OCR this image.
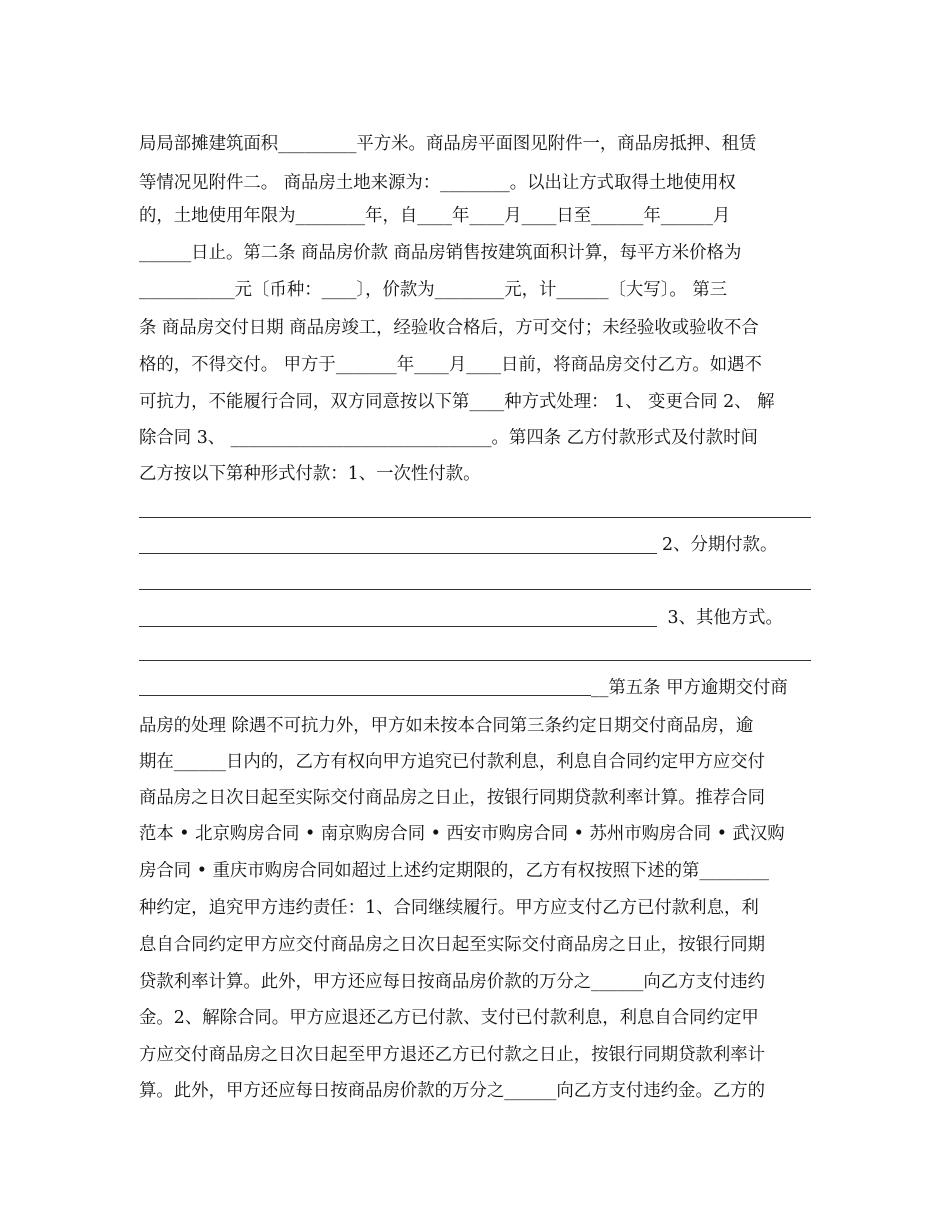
局局部摊建筑面积_________平方米。商品房平面图见附件一，商品房抵押、租赁
等情况见附件二。 商品房土地来源为：________。以出让方式取得土地使用权
的，土地使用年限为________年，自____年____月____日至______年______月
______日止。第二条 商品房价款 商品房销售按建筑面积计算，每平方米价格为
___________元〔币种：____〕，价款为________元，计______〔大写〕。 第三
条 商品房交付日期 商品房竣工，经验收合格后，方可交付；未经验收或验收不合
格的，不得交付。 甲方于_______年____月____日前，将商品房交付乙方。如遇不
可抗力，不能履行合同，双方同意按以下第____种方式处理： 1、 变更合同 2、 解
除合同 3、 ______________________________。第四条 乙方付款形式及付款时间
乙方按以下第种形式付款：1、一次性付款。
2、分期付款。
3、其他方式。
__第五条 甲方逾期交付商
品房的处理 除遇不可抗力外，甲方如未按本合同第三条约定日期交付商品房，逾
期在______日内的，乙方有权向甲方追究已付款利息，利息自合同约定甲方应交付
商品房之日次日起至实际交付商品房之日止，按银行同期贷款利率计算。推荐合同
范本 • 北京购房合同 • 南京购房合同 • 西安市购房合同 • 苏州市购房合同 • 武汉购
房合同 • 重庆市购房合同如超过上述约定期限的，乙方有权按照下述的第________
种约定，追究甲方违约责任：1、合同继续履行。甲方应支付乙方已付款利息，利
息自合同约定甲方应交付商品房之日次日起至实际交付商品房之日止，按银行同期
贷款利率计算。此外，甲方还应每日按商品房价款的万分之______向乙方支付违约
金。2、解除合同。甲方应退还乙方已付款、支付已付款利息，利息自合同约定甲
方应交付商品房之日次日起至甲方退还乙方已付款之日止，按银行同期贷款利率计
算。此外，甲方还应每日按商品房价款的万分之______向乙方支付违约金。乙方的
